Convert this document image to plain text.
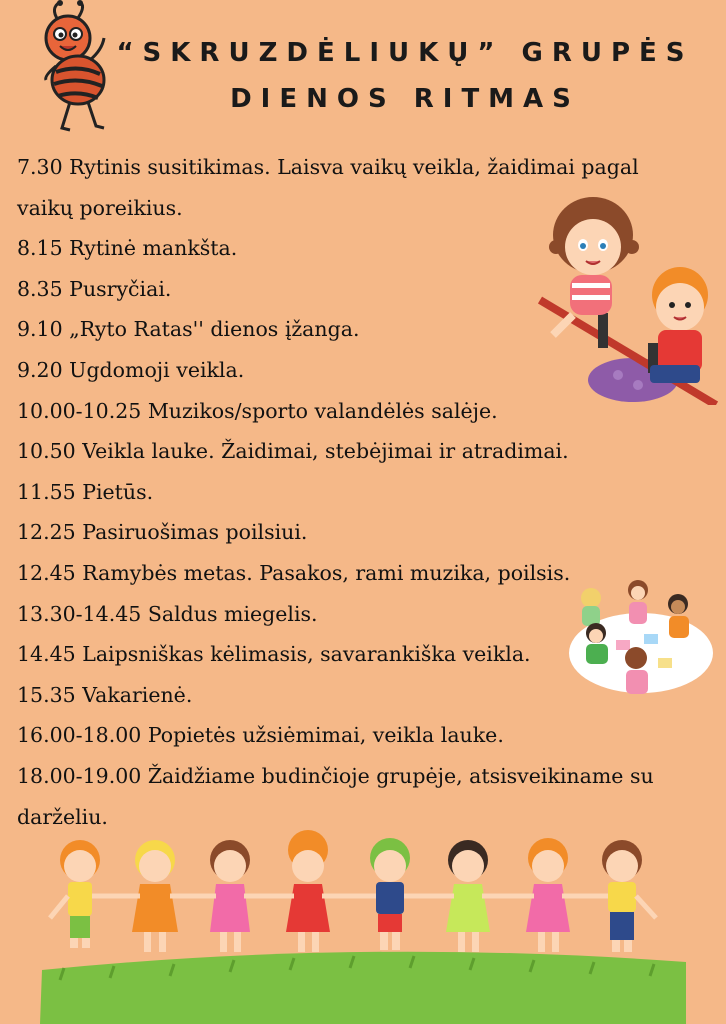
“SKRUZDĖLIUKŲ” GRUPĖS
DIENOS RITMAS
7.30 Rytinis susitikimas. Laisva vaikų veikla, žaidimai pagal vaikų poreikius.
8.15 Rytinė mankšta.
8.35 Pusryčiai.
9.10 „Ryto Ratas'' dienos įžanga.
9.20 Ugdomoji veikla.
10.00-10.25 Muzikos/sporto valandėlės salėje.
10.50 Veikla lauke. Žaidimai, stebėjimai ir atradimai.
11.55 Pietūs.
12.25 Pasiruošimas poilsiui.
12.45 Ramybės metas. Pasakos, rami muzika, poilsis.
13.30-14.45 Saldus miegelis.
14.45 Laipsniškas kėlimasis, savarankiška veikla.
15.35 Vakarienė.
16.00-18.00 Popietės užsiėmimai, veikla lauke.
18.00-19.00 Žaidžiame budinčioje grupėje, atsisveikiname su darželiu.
